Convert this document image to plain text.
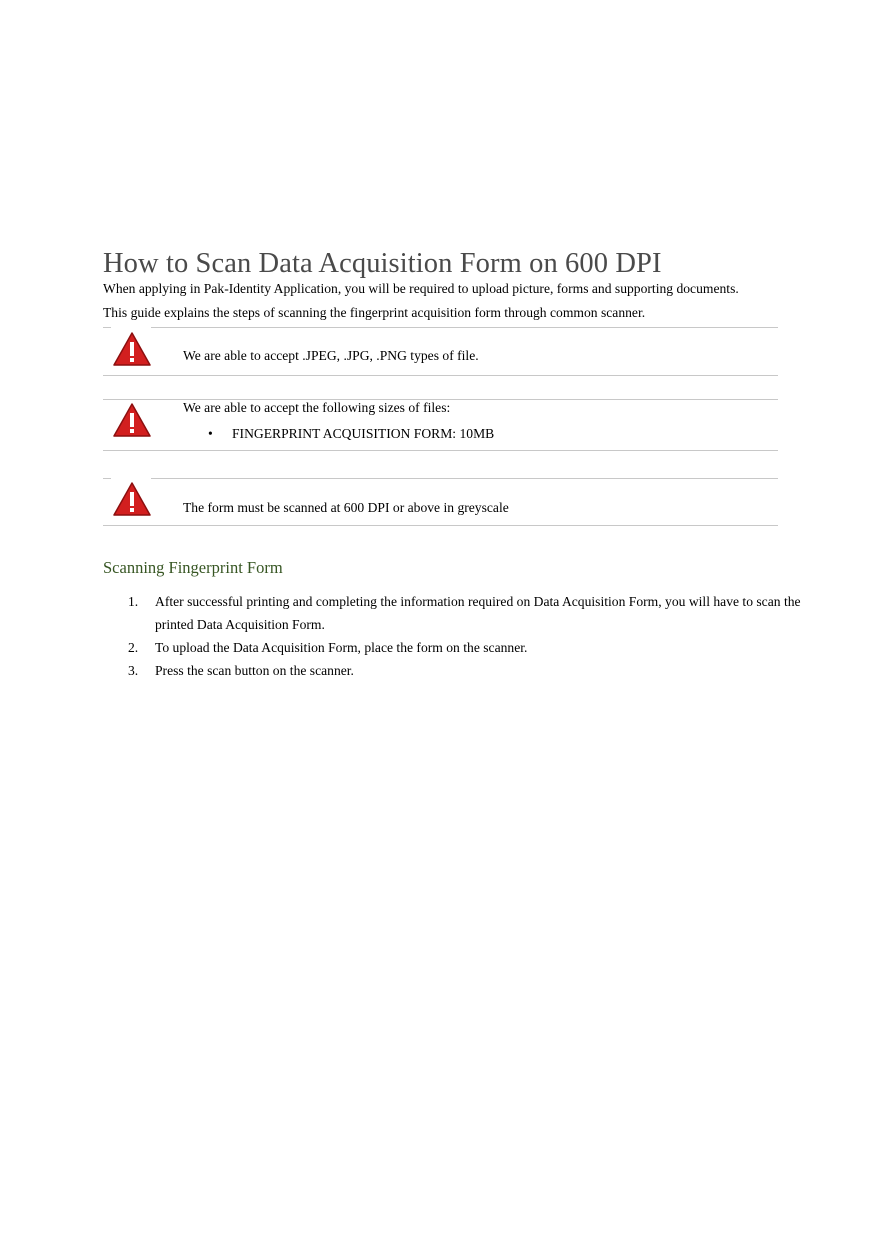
How to Scan Data Acquisition Form on 600 DPI

When applying in Pak-Identity Application, you will be required to upload picture, forms and supporting documents.

This guide explains the steps of scanning the fingerprint acquisition form through common scanner.

We are able to accept .JPEG, .JPG, .PNG types of file.

We are able to accept the following sizes of files:

• FINGERPRINT ACQUISITION FORM: 10MB

The form must be scanned at 600 DPI or above in greyscale

Scanning Fingerprint Form
1. After successful printing and completing the information required on Data Acquisition Form, you will have to scan the printed Data Acquisition Form.
2. To upload the Data Acquisition Form, place the form on the scanner.
3. Press the scan button on the scanner.
